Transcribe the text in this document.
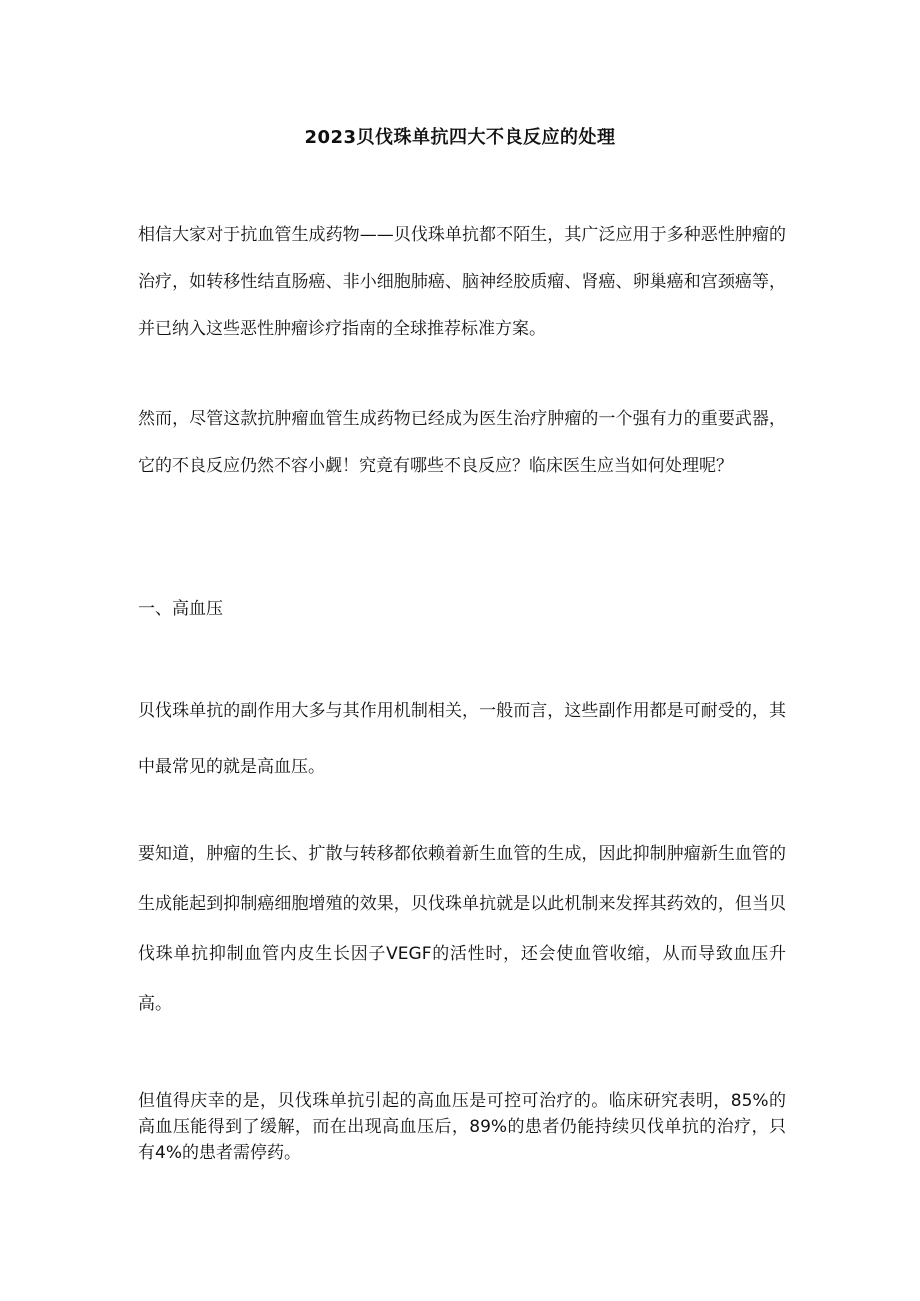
2023贝伐珠单抗四大不良反应的处理

相信大家对于抗血管生成药物——贝伐珠单抗都不陌生，其广泛应用于多种恶性肿瘤的治疗，如转移性结直肠癌、非小细胞肺癌、脑神经胶质瘤、肾癌、卵巢癌和宫颈癌等，并已纳入这些恶性肿瘤诊疗指南的全球推荐标准方案。

然而，尽管这款抗肿瘤血管生成药物已经成为医生治疗肿瘤的一个强有力的重要武器，它的不良反应仍然不容小觑！究竟有哪些不良反应？临床医生应当如何处理呢？

一、高血压

贝伐珠单抗的副作用大多与其作用机制相关，一般而言，这些副作用都是可耐受的，其中最常见的就是高血压。

要知道，肿瘤的生长、扩散与转移都依赖着新生血管的生成，因此抑制肿瘤新生血管的生成能起到抑制癌细胞增殖的效果，贝伐珠单抗就是以此机制来发挥其药效的，但当贝伐珠单抗抑制血管内皮生长因子VEGF的活性时，还会使血管收缩，从而导致血压升高。

但值得庆幸的是，贝伐珠单抗引起的高血压是可控可治疗的。临床研究表明，85%的高血压能得到了缓解，而在出现高血压后，89%的患者仍能持续贝伐单抗的治疗，只有4%的患者需停药。
